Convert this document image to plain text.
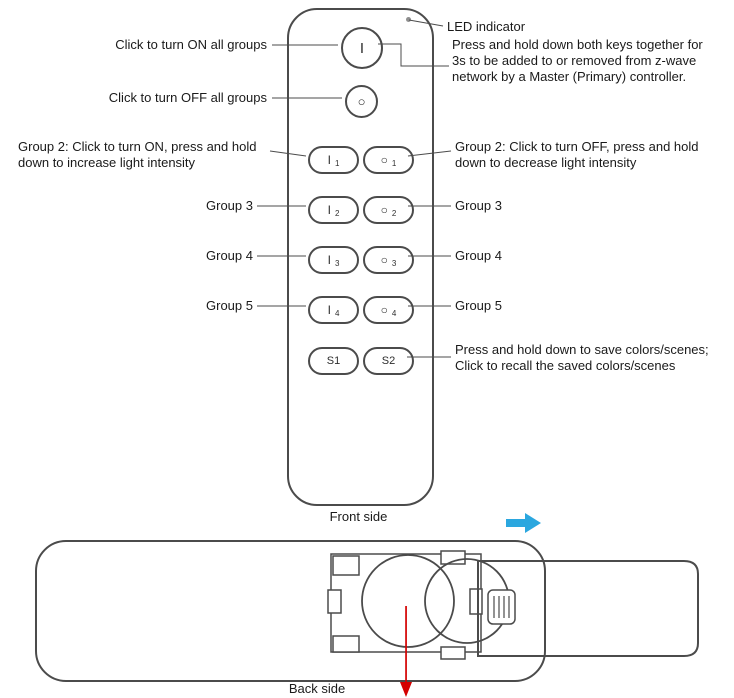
Click to turn ON all groups
Click to turn OFF all groups
Group 2: Click to turn ON, press and hold down to increase light intensity
Group 3
Group 4
Group 5
LED indicator
Press and hold down both keys together for 3s to be added to or removed from z-wave network by a Master (Primary) controller.
Group 2: Click to turn OFF, press and hold down to decrease light intensity
Group 3
Group 4
Group 5
Press and hold down to save colors/scenes; Click to recall the saved colors/scenes
I
○
I 1	○ 1
I 2	○ 2
I 3	○ 3
I 4	○ 4
S1	S2
Front side
Back side
